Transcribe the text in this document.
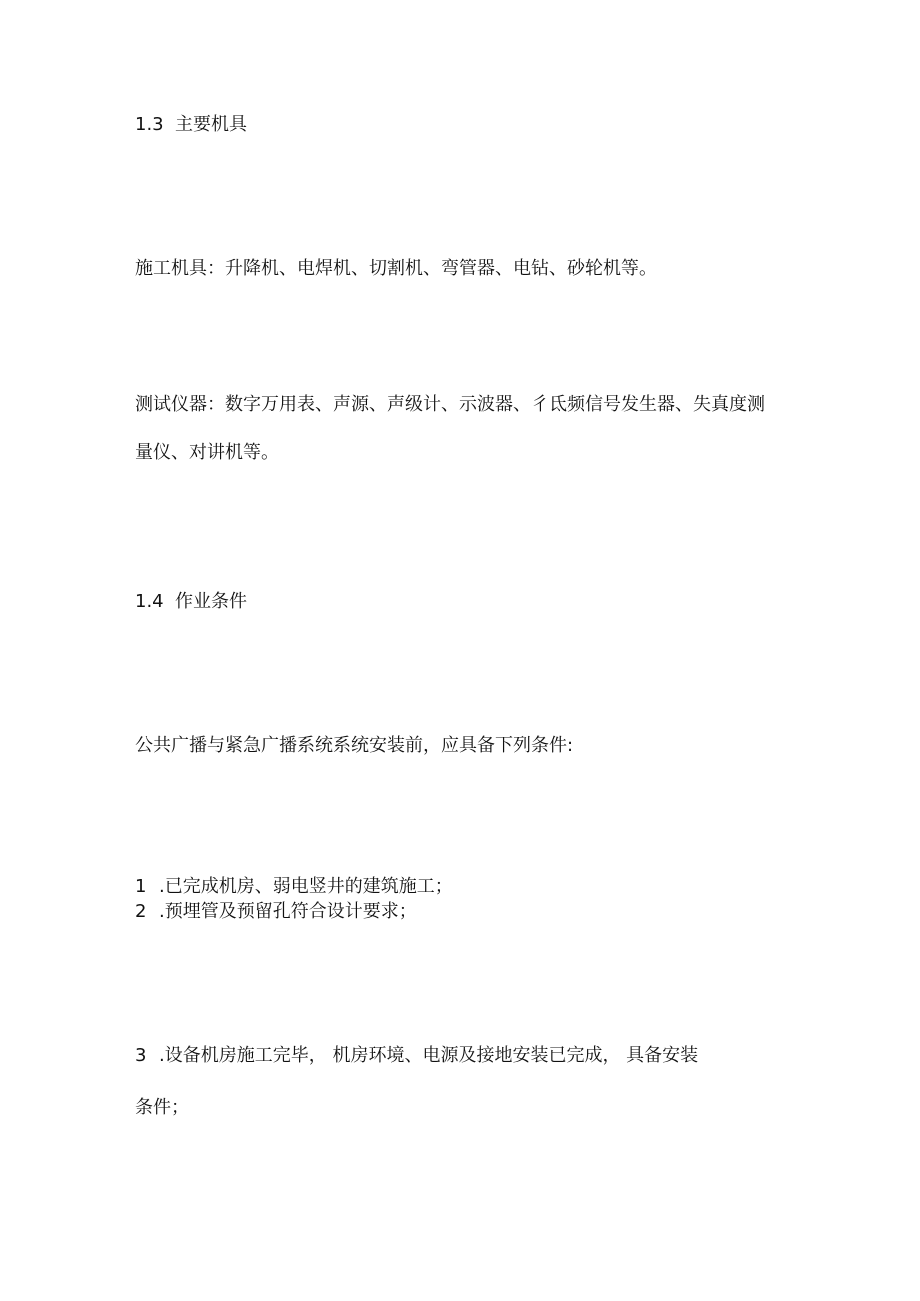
1.3 主要机具
施工机具：升降机、电焊机、切割机、弯管器、电钻、砂轮机等。
测试仪器：数字万用表、声源、声级计、示波器、彳氐频信号发生器、失真度测
量仪、对讲机等。
1.4 作业条件
公共广播与紧急广播系统系统安装前，应具备下列条件:
1 .已完成机房、弱电竖井的建筑施工；
2 .预埋管及预留孔符合设计要求；
3 .设备机房施工完毕， 机房环境、电源及接地安装已完成， 具备安装
条件；
